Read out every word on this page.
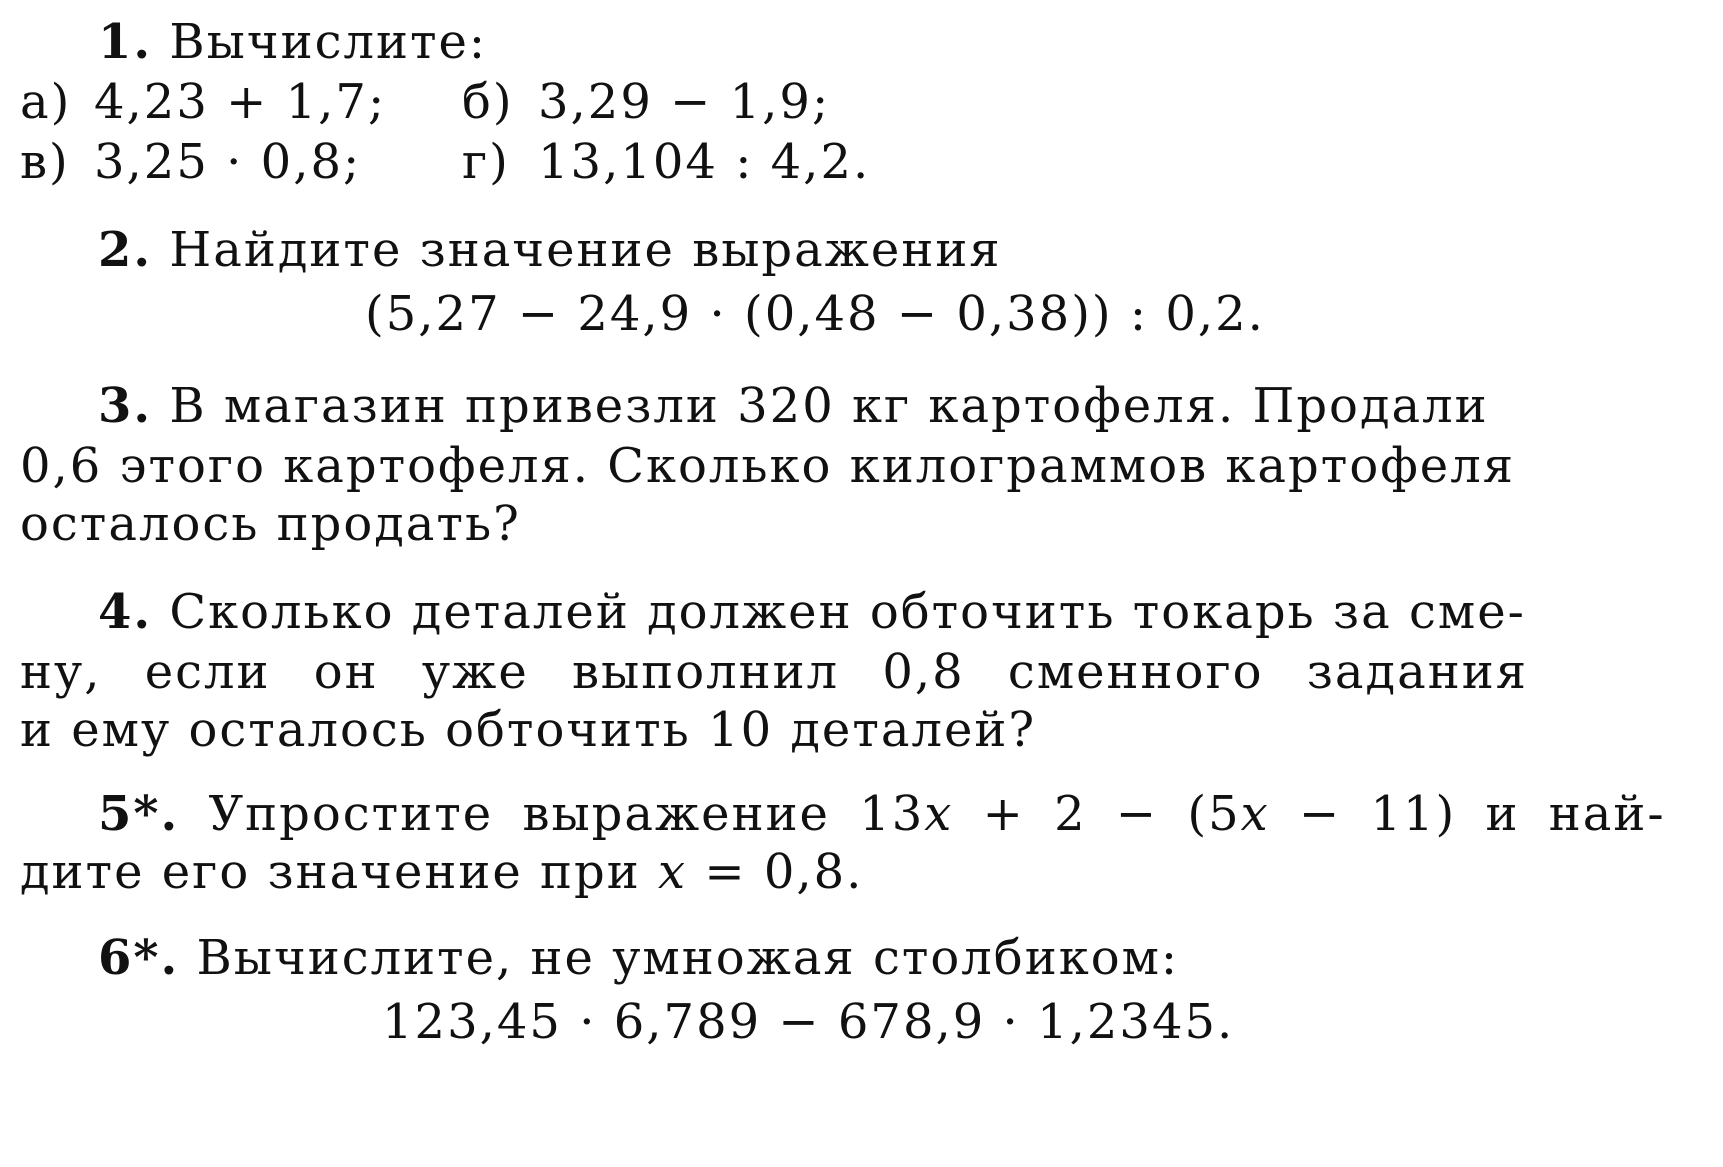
1. Вычислите:
а) 4,23 + 1,7; б) 3,29 − 1,9;
в) 3,25 · 0,8; г) 13,104 : 4,2.
2. Найдите значение выражения
(5,27 − 24,9 · (0,48 − 0,38)) : 0,2.
3. В магазин привезли 320 кг картофеля. Продали
0,6 этого картофеля. Сколько килограммов картофеля
осталось продать?
4. Сколько деталей должен обточить токарь за сме-
ну, если он уже выполнил 0,8 сменного задания
и ему осталось обточить 10 деталей?
5*. Упростите выражение 13x + 2 − (5x − 11) и най-
дите его значение при x = 0,8.
6*. Вычислите, не умножая столбиком:
123,45 · 6,789 − 678,9 · 1,2345.
